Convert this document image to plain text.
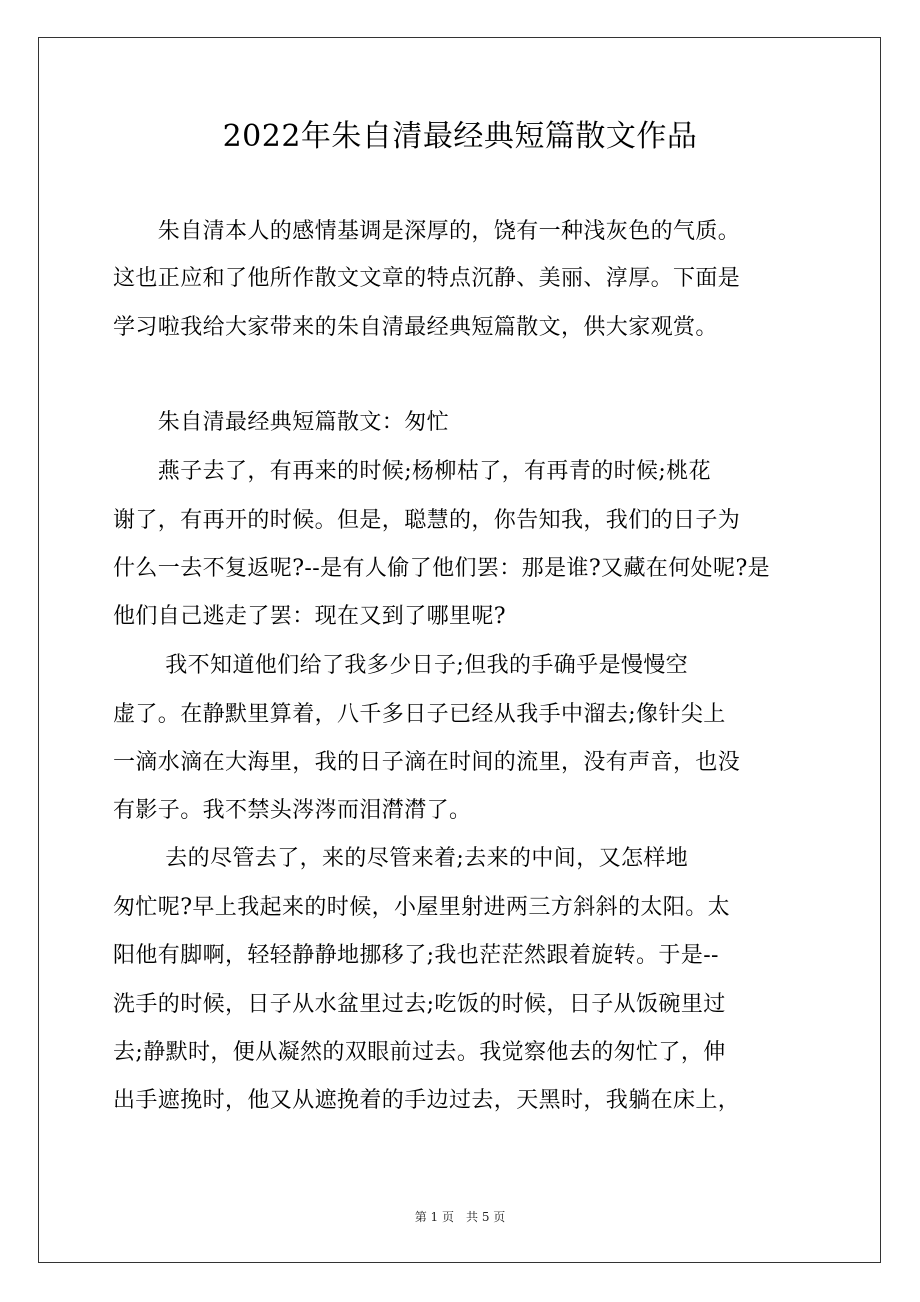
2022年朱自清最经典短篇散文作品
　　朱自清本人的感情基调是深厚的，饶有一种浅灰色的气质。
这也正应和了他所作散文文章的特点沉静、美丽、淳厚。下面是
学习啦我给大家带来的朱自清最经典短篇散文，供大家观赏。
　　朱自清最经典短篇散文：匆忙
　　燕子去了，有再来的时候;杨柳枯了，有再青的时候;桃花
谢了，有再开的时候。但是，聪慧的，你告知我，我们的日子为
什么一去不复返呢?--是有人偷了他们罢：那是谁?又藏在何处呢?是
他们自己逃走了罢：现在又到了哪里呢?
　　 我不知道他们给了我多少日子;但我的手确乎是慢慢空
虚了。在静默里算着，八千多日子已经从我手中溜去;像针尖上
一滴水滴在大海里，我的日子滴在时间的流里，没有声音，也没
有影子。我不禁头涔涔而泪潸潸了。
　　 去的尽管去了，来的尽管来着;去来的中间，又怎样地
匆忙呢?早上我起来的时候，小屋里射进两三方斜斜的太阳。太
阳他有脚啊，轻轻静静地挪移了;我也茫茫然跟着旋转。于是--
洗手的时候，日子从水盆里过去;吃饭的时候，日子从饭碗里过
去;静默时，便从凝然的双眼前过去。我觉察他去的匆忙了，伸
出手遮挽时，他又从遮挽着的手边过去，天黑时，我躺在床上，
第 1 页　共 5 页
